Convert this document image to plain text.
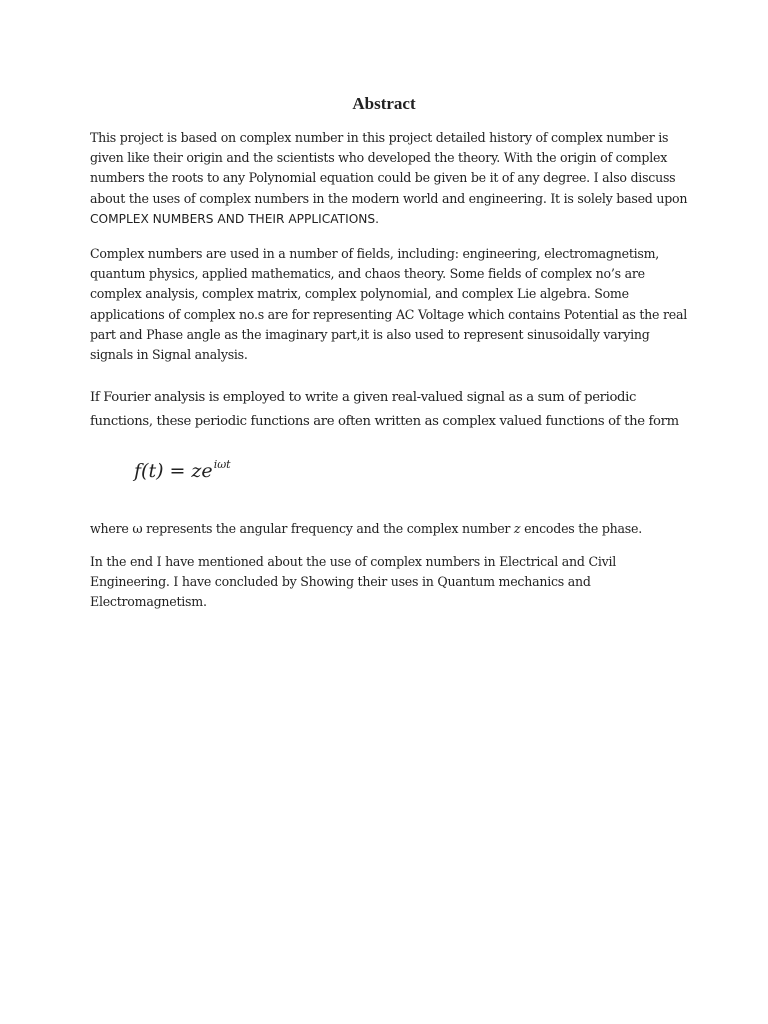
Abstract

This project is based on complex number in this project detailed history of complex number is given like their origin and the scientists who developed the theory. With the origin of complex numbers the roots to any Polynomial equation could be given be it of any degree. I also discuss about the uses of complex numbers in the modern world and engineering. It is solely based upon
COMPLEX NUMBERS AND THEIR APPLICATIONS.

Complex numbers are used in a number of fields, including: engineering, electromagnetism, quantum physics, applied mathematics, and chaos theory. Some fields of complex no’s are complex analysis, complex matrix, complex polynomial, and complex Lie algebra. Some applications of complex no.s are for representing AC Voltage which contains Potential as the real part and Phase angle as the imaginary part,it is also used to represent sinusoidally varying signals in Signal analysis.

If Fourier analysis is employed to write a given real-valued signal as a sum of periodic functions, these periodic functions are often written as complex valued functions of the form

$f(t) = ze^{i\omega t}$

where ω represents the angular frequency and the complex number z encodes the phase.

In the end I have mentioned about the use of complex numbers in Electrical and Civil Engineering. I have concluded by Showing their uses in Quantum mechanics and Electromagnetism.
